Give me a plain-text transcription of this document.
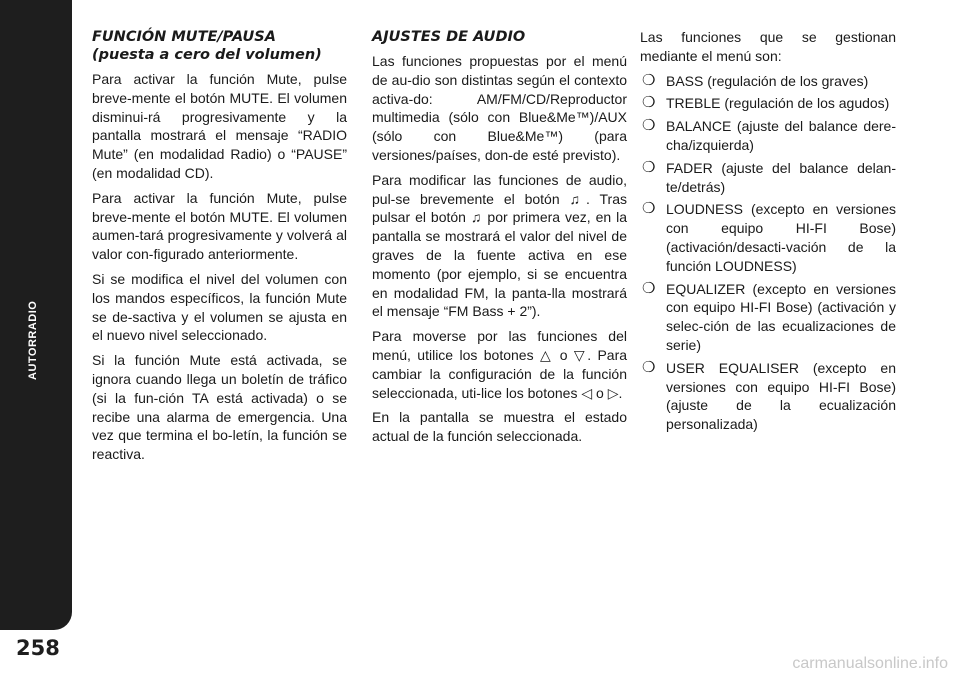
AUTORRADIO
258
FUNCIÓN MUTE/PAUSA
(puesta a cero del volumen)

Para activar la función Mute, pulse breve-mente el botón MUTE. El volumen disminui-rá progresivamente y la pantalla mostrará el mensaje “RADIO Mute” (en modalidad Radio) o “PAUSE” (en modalidad CD).

Para activar la función Mute, pulse breve-mente el botón MUTE. El volumen aumen-tará progresivamente y volverá al valor con-figurado anteriormente.

Si se modifica el nivel del volumen con los mandos específicos, la función Mute se de-sactiva y el volumen se ajusta en el nuevo nivel seleccionado.

Si la función Mute está activada, se ignora cuando llega un boletín de tráfico (si la fun-ción TA está activada) o se recibe una alarma de emergencia. Una vez que termina el bo-letín, la función se reactiva.

AJUSTES DE AUDIO

Las funciones propuestas por el menú de au-dio son distintas según el contexto activa-do: AM/FM/CD/Reproductor multimedia (sólo con Blue&Me™)/AUX (sólo con Blue&Me™) (para versiones/países, don-de esté previsto).

Para modificar las funciones de audio, pul-se brevemente el botón ♫. Tras pulsar el botón ♫ por primera vez, en la pantalla se mostrará el valor del nivel de graves de la fuente activa en ese momento (por ejemplo, si se encuentra en modalidad FM, la panta-lla mostrará el mensaje “FM Bass + 2”).

Para moverse por las funciones del menú, utilice los botones △ o ▽. Para cambiar la configuración de la función seleccionada, uti-lice los botones ◁ o ▷.

En la pantalla se muestra el estado actual de la función seleccionada.

Las funciones que se gestionan mediante el menú son:

❍ BASS (regulación de los graves)
❍ TREBLE (regulación de los agudos)
❍ BALANCE (ajuste del balance dere-cha/izquierda)
❍ FADER (ajuste del balance delan-te/detrás)
❍ LOUDNESS (excepto en versiones con equipo HI-FI Bose) (activación/desacti-vación de la función LOUDNESS)
❍ EQUALIZER (excepto en versiones con equipo HI-FI Bose) (activación y selec-ción de las ecualizaciones de serie)
❍ USER EQUALISER (excepto en versiones con equipo HI-FI Bose) (ajuste de la ecualización personalizada)
carmanualsonline.info
